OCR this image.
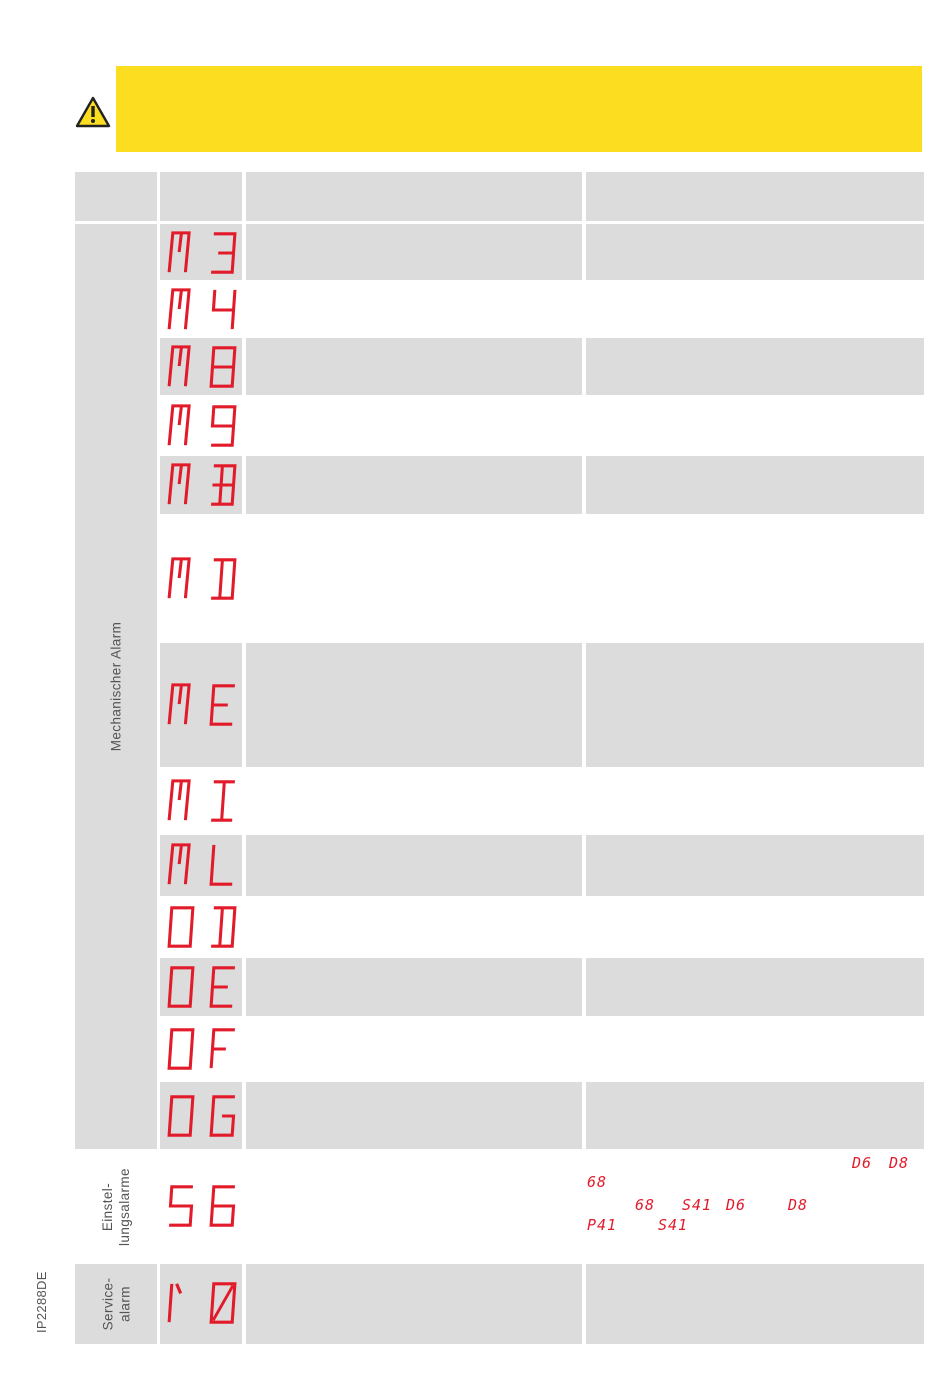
IP2288DE
Mechanischer Alarm
Einstel- lungsalarme
Service- alarm
D6 D8
68
68 S41 D6	D8
P41	S41
